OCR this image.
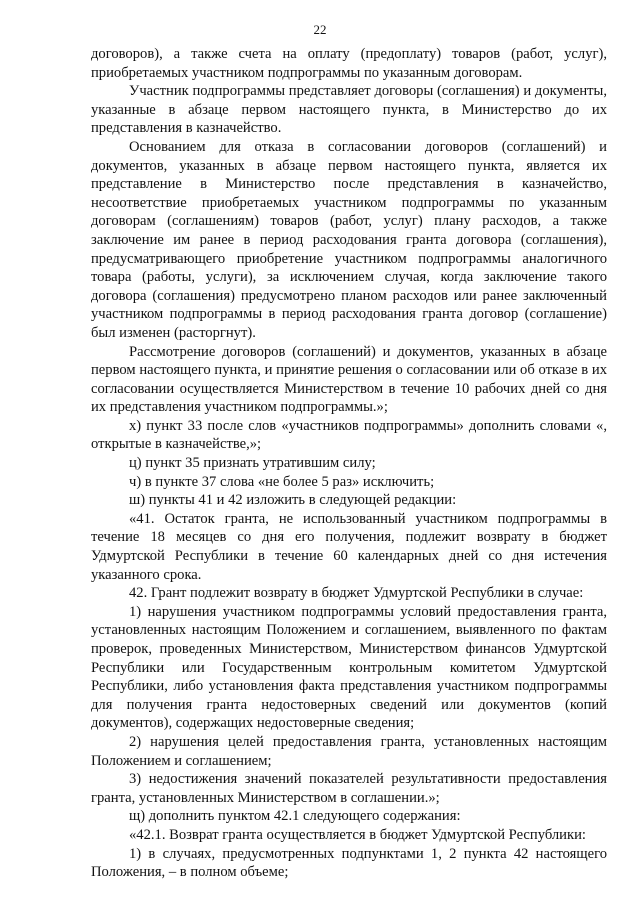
22

договоров), а также счета на оплату (предоплату) товаров (работ, услуг), приобретаемых участником подпрограммы по указанным договорам.

Участник подпрограммы представляет договоры (соглашения) и документы, указанные в абзаце первом настоящего пункта, в Министерство до их представления в казначейство.

Основанием для отказа в согласовании договоров (соглашений) и документов, указанных в абзаце первом настоящего пункта, является их представление в Министерство после представления в казначейство, несоответствие приобретаемых участником подпрограммы по указанным договорам (соглашениям) товаров (работ, услуг) плану расходов, а также заключение им ранее в период расходования гранта договора (соглашения), предусматривающего приобретение участником подпрограммы аналогичного товара (работы, услуги), за исключением случая, когда заключение такого договора (соглашения) предусмотрено планом расходов или ранее заключенный участником подпрограммы в период расходования гранта договор (соглашение) был изменен (расторгнут).

Рассмотрение договоров (соглашений) и документов, указанных в абзаце первом настоящего пункта, и принятие решения о согласовании или об отказе в их согласовании осуществляется Министерством в течение 10 рабочих дней со дня их представления участником подпрограммы.»;

х) пункт 33 после слов «участников подпрограммы» дополнить словами «, открытые в казначействе,»;

ц) пункт 35 признать утратившим силу;

ч) в пункте 37 слова «не более 5 раз» исключить;

ш) пункты 41 и 42 изложить в следующей редакции:

«41. Остаток гранта, не использованный участником подпрограммы в течение 18 месяцев со дня его получения, подлежит возврату в бюджет Удмуртской Республики в течение 60 календарных дней со дня истечения указанного срока.

42. Грант подлежит возврату в бюджет Удмуртской Республики в случае:

1) нарушения участником подпрограммы условий предоставления гранта, установленных настоящим Положением и соглашением, выявленного по фактам проверок, проведенных Министерством, Министерством финансов Удмуртской Республики или Государственным контрольным комитетом Удмуртской Республики, либо установления факта представления участником подпрограммы для получения гранта недостоверных сведений или документов (копий документов), содержащих недостоверные сведения;

2) нарушения целей предоставления гранта, установленных настоящим Положением и соглашением;

3) недостижения значений показателей результативности предоставления гранта, установленных Министерством в соглашении.»;

щ) дополнить пунктом 42.1 следующего содержания:

«42.1. Возврат гранта осуществляется в бюджет Удмуртской Республики:

1) в случаях, предусмотренных подпунктами 1, 2 пункта 42 настоящего Положения, – в полном объеме;
